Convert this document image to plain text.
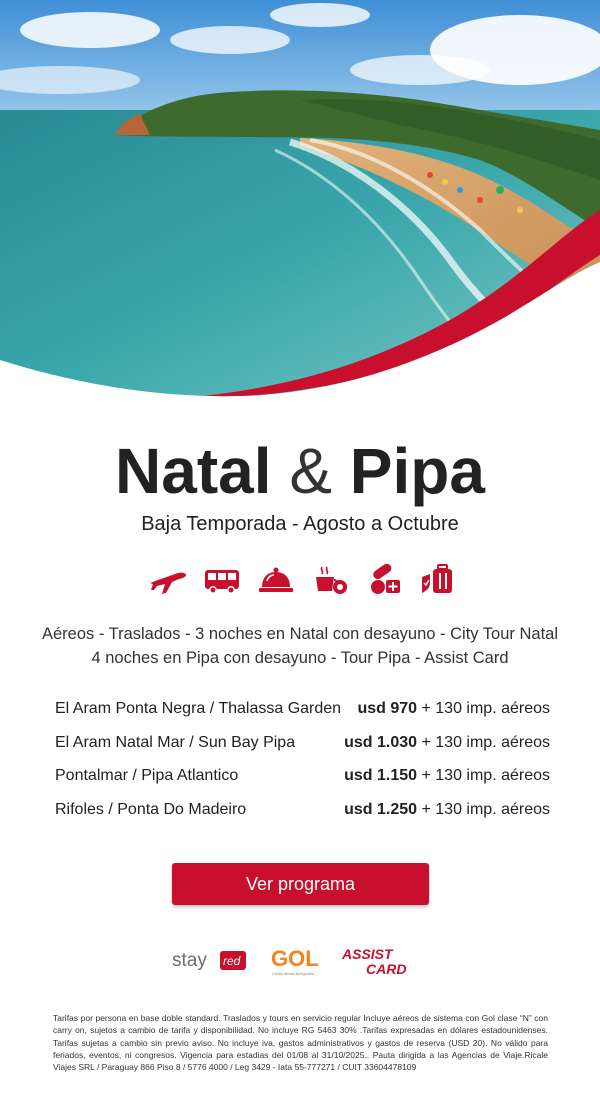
Natal & Pipa
Baja Temporada - Agosto a Octubre
Aéreos - Traslados - 3 noches en Natal con desayuno - City Tour Natal
4 noches en Pipa con desayuno - Tour Pipa - Assist Card
El Aram Ponta Negra / Thalassa Garden usd 970 + 130 imp. aéreos
El Aram Natal Mar / Sun Bay Pipa	usd 1.030 + 130 imp. aéreos
Pontalmar / Pipa Atlantico	usd 1.150 + 130 imp. aéreos
Rifoles / Ponta Do Madeiro	usd 1.250 + 130 imp. aéreos
Ver programa
stay red GOL
Linhas aéreas inteligentes
ASSIST
CARD
Tarifas por persona en base doble standard. Traslados y tours en servicio regular Incluye aéreos de sistema con Gol clase “N” con carry on, sujetos a cambio de tarifa y disponibilidad. No incluye RG 5463 30% .Tarifas expresadas en dólares estadounidenses. Tarifas sujetas a cambio sin previo aviso. No incluye iva, gastos administrativos y gastos de reserva (USD 20). No válido para feriados, eventos, ni congresos. Vigencia para estadias del 01/08 al 31/10/2025.. Pauta dirigida a las Agencias de Viaje.Ricale Viajes SRL / Paraguay 866 Piso 8 / 5776 4000 / Leg 3429 - Iata 55-777271 / CUIT 33604478109
